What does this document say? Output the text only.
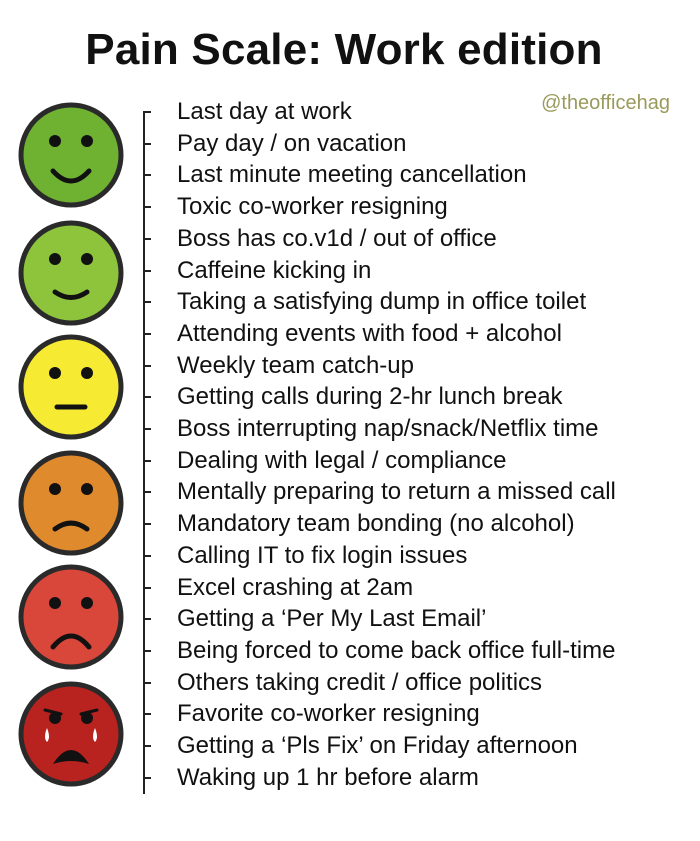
Pain Scale: Work edition
@theofficehag
Last day at work
Pay day / on vacation
Last minute meeting cancellation
Toxic co-worker resigning
Boss has co.v1d / out of office
Caffeine kicking in
Taking a satisfying dump in office toilet
Attending events with food + alcohol
Weekly team catch-up
Getting calls during 2-hr lunch break
Boss interrupting nap/snack/Netflix time
Dealing with legal / compliance
Mentally preparing to return a missed call
Mandatory team bonding (no alcohol)
Calling IT to fix login issues
Excel crashing at 2am
Getting a ‘Per My Last Email’
Being forced to come back office full-time
Others taking credit / office politics
Favorite co-worker resigning
Getting a ‘Pls Fix’ on Friday afternoon
Waking up 1 hr before alarm
